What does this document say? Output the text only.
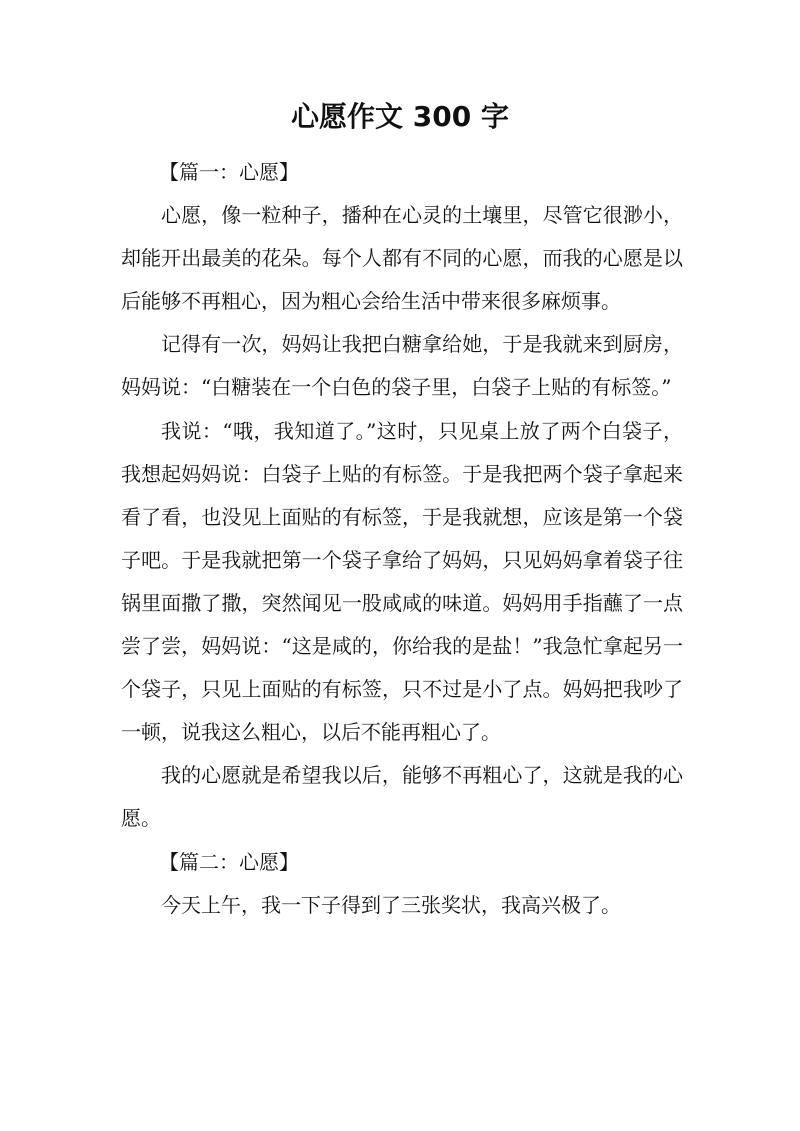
心愿作文 300 字
【篇一：心愿】

心愿，像一粒种子，播种在心灵的土壤里，尽管它很渺小，却能开出最美的花朵。每个人都有不同的心愿，而我的心愿是以后能够不再粗心，因为粗心会给生活中带来很多麻烦事。

记得有一次，妈妈让我把白糖拿给她，于是我就来到厨房，妈妈说：“白糖装在一个白色的袋子里，白袋子上贴的有标签。”

我说：“哦，我知道了。”这时，只见桌上放了两个白袋子，我想起妈妈说：白袋子上贴的有标签。于是我把两个袋子拿起来看了看，也没见上面贴的有标签，于是我就想，应该是第一个袋子吧。于是我就把第一个袋子拿给了妈妈，只见妈妈拿着袋子往锅里面撒了撒，突然闻见一股咸咸的味道。妈妈用手指蘸了一点尝了尝，妈妈说：“这是咸的，你给我的是盐！”我急忙拿起另一个袋子，只见上面贴的有标签，只不过是小了点。妈妈把我吵了一顿，说我这么粗心，以后不能再粗心了。

我的心愿就是希望我以后，能够不再粗心了，这就是我的心愿。

【篇二：心愿】

今天上午，我一下子得到了三张奖状，我高兴极了。
